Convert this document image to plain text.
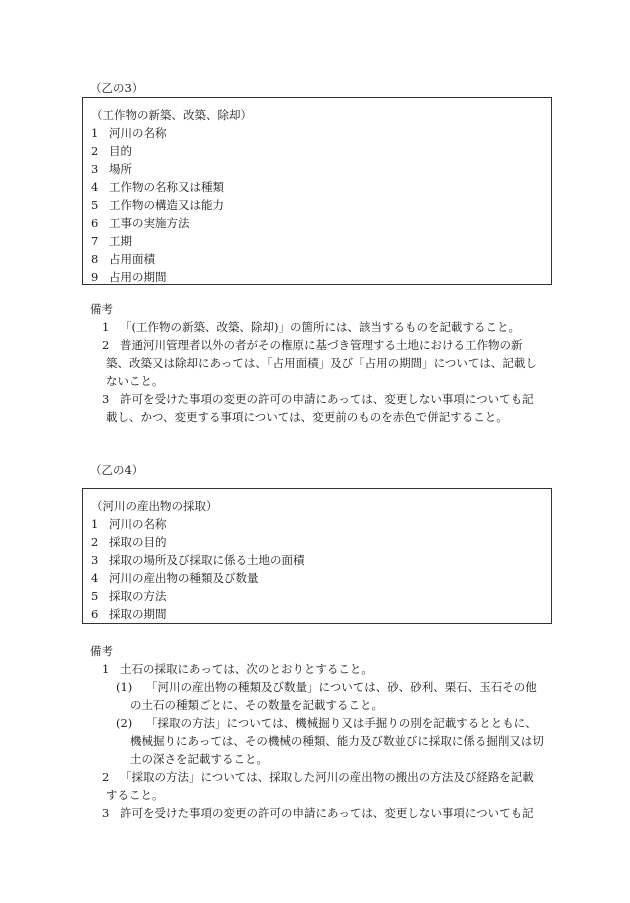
（乙の3）
（工作物の新築、改築、除却）
1 河川の名称
2 目的
3 場所
4 工作物の名称又は種類
5 工作物の構造又は能力
6 工事の実施方法
7 工期
8 占用面積
9 占用の期間
備考
1 「(工作物の新築、改築、除却)」の箇所には、該当するものを記載すること。
2 普通河川管理者以外の者がその権原に基づき管理する土地における工作物の新
築、改築又は除却にあっては、「占用面積」及び「占用の期間」については、記載し
ないこと。
3 許可を受けた事項の変更の許可の申請にあっては、変更しない事項についても記
載し、かつ、変更する事項については、変更前のものを赤色で併記すること。
（乙の4）
（河川の産出物の採取）
1 河川の名称
2 採取の目的
3 採取の場所及び採取に係る土地の面積
4 河川の産出物の種類及び数量
5 採取の方法
6 採取の期間
備考
1 土石の採取にあっては、次のとおりとすること。
(1) 「河川の産出物の種類及び数量」については、砂、砂利、栗石、玉石その他
の土石の種類ごとに、その数量を記載すること。
(2) 「採取の方法」については、機械掘り又は手掘りの別を記載するとともに、
機械掘りにあっては、その機械の種類、能力及び数並びに採取に係る掘削又は切
土の深さを記載すること。
2 「採取の方法」については、採取した河川の産出物の搬出の方法及び経路を記載
すること。
3 許可を受けた事項の変更の許可の申請にあっては、変更しない事項についても記
